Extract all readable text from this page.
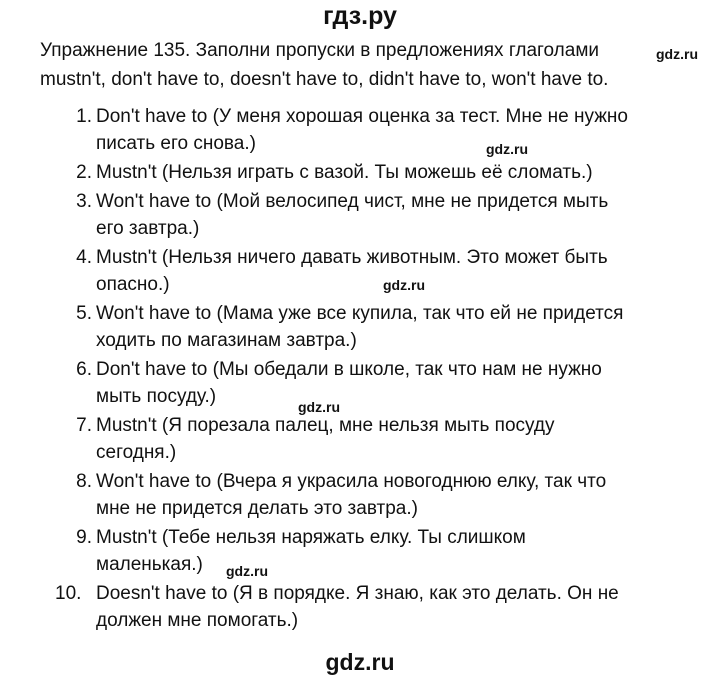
гдз.ру
Упражнение 135. Заполни пропуски в предложениях глаголами
mustn't, don't have to, doesn't have to, didn't have to, won't have to.
1. Don't have to (У меня хорошая оценка за тест. Мне не нужно
писать его снова.)
2. Mustn't (Нельзя играть с вазой. Ты можешь её сломать.)
3. Won't have to (Мой велосипед чист, мне не придется мыть
его завтра.)
4. Mustn't (Нельзя ничего давать животным. Это может быть
опасно.)
5. Won't have to (Мама уже все купила, так что ей не придется
ходить по магазинам завтра.)
6. Don't have to (Мы обедали в школе, так что нам не нужно
мыть посуду.)
7. Mustn't (Я порезала палец, мне нельзя мыть посуду
сегодня.)
8. Won't have to (Вчера я украсила новогоднюю елку, так что
мне не придется делать это завтра.)
9. Mustn't (Тебе нельзя наряжать елку. Ты слишком
маленькая.)
10. Doesn't have to (Я в порядке. Я знаю, как это делать. Он не
должен мне помогать.)
gdz.ru
gdz.ru
gdz.ru
gdz.ru
gdz.ru
gdz.ru
